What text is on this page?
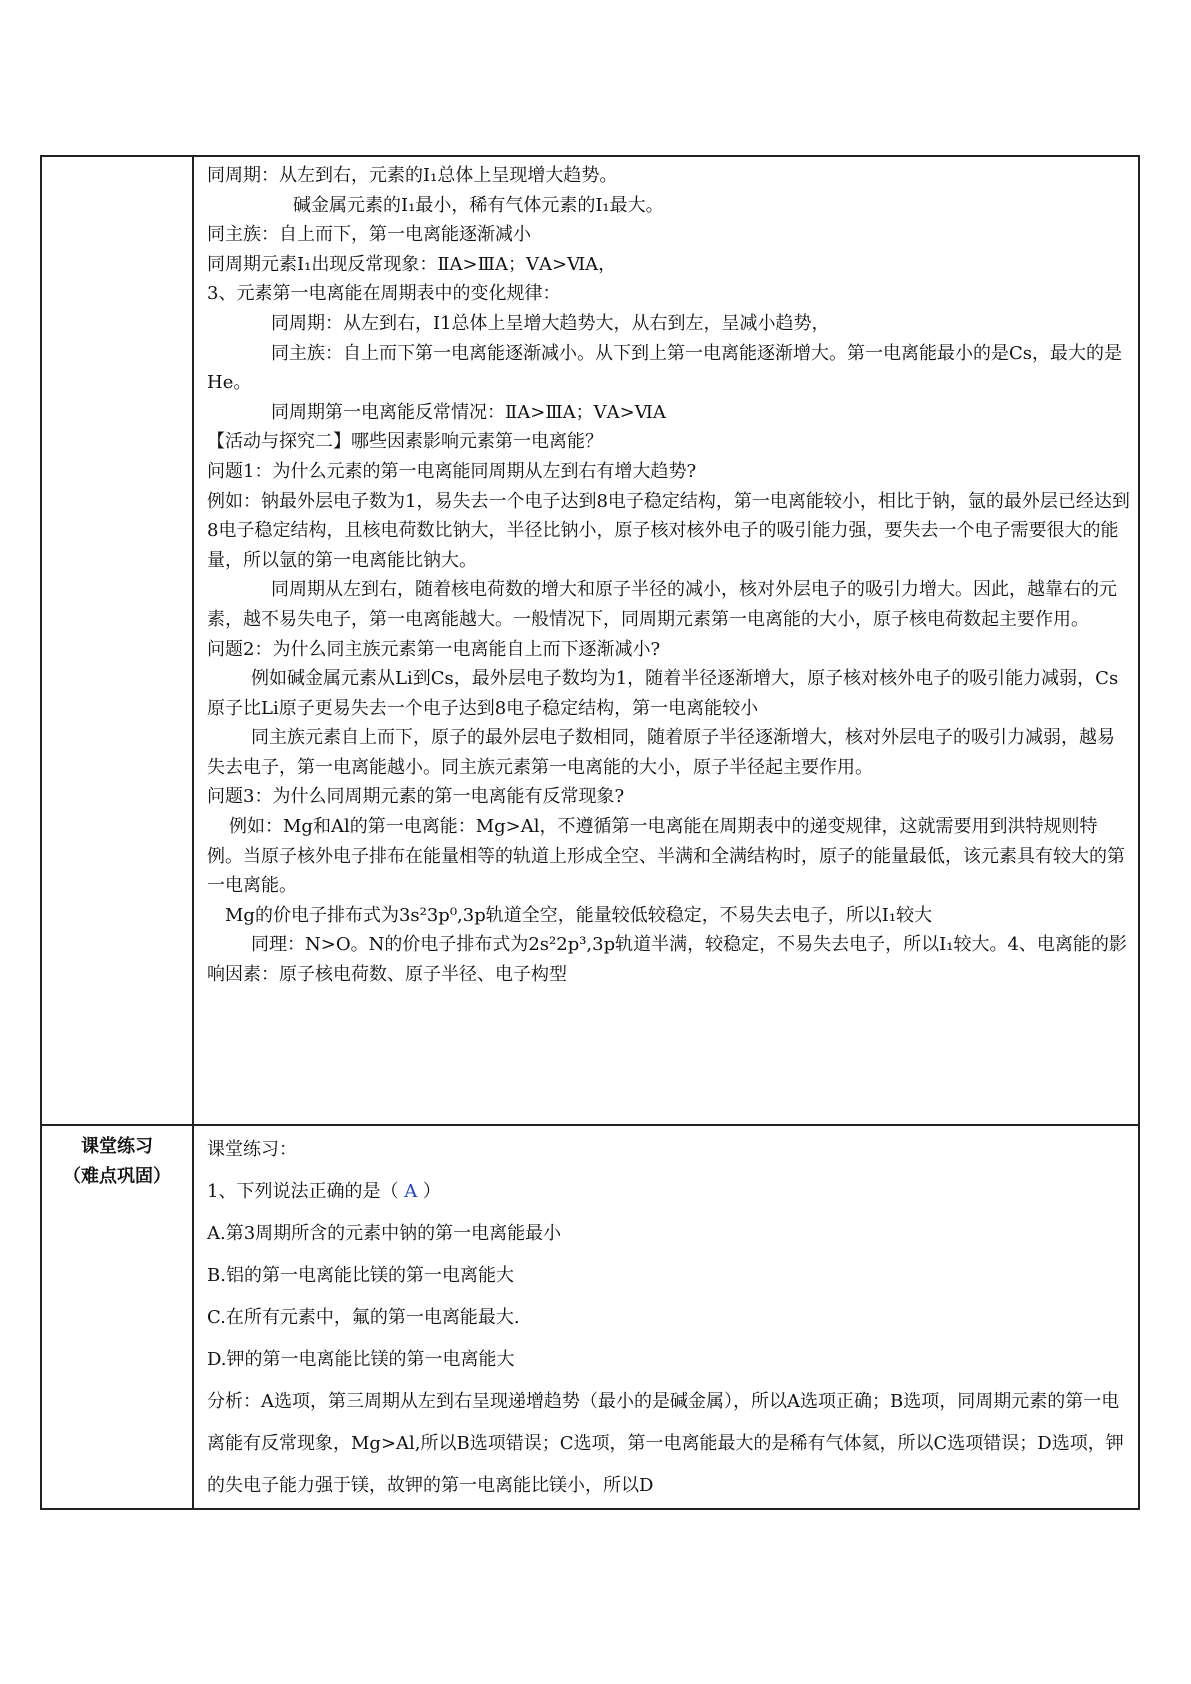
同周期：从左到右，元素的I₁总体上呈现增大趋势。

碱金属元素的I₁最小，稀有气体元素的I₁最大。

同主族：自上而下，第一电离能逐渐减小

同周期元素I₁出现反常现象：ⅡA>ⅢA；ⅤA>ⅥA，

3、元素第一电离能在周期表中的变化规律：

同周期：从左到右，I1总体上呈增大趋势大，从右到左，呈减小趋势，

同主族：自上而下第一电离能逐渐减小。从下到上第一电离能逐渐增大。第一电离能最小的是Cs，最大的是He。

同周期第一电离能反常情况：ⅡA>ⅢA；ⅤA>ⅥA

【活动与探究二】哪些因素影响元素第一电离能？

问题1：为什么元素的第一电离能同周期从左到右有增大趋势?

例如：钠最外层电子数为1，易失去一个电子达到8电子稳定结构，第一电离能较小，相比于钠，氩的最外层已经达到8电子稳定结构，且核电荷数比钠大，半径比钠小，原子核对核外电子的吸引能力强，要失去一个电子需要很大的能量，所以氩的第一电离能比钠大。

同周期从左到右，随着核电荷数的增大和原子半径的减小，核对外层电子的吸引力增大。因此，越靠右的元素，越不易失电子，第一电离能越大。一般情况下，同周期元素第一电离能的大小，原子核电荷数起主要作用。

问题2：为什么同主族元素第一电离能自上而下逐渐减小?

例如碱金属元素从Li到Cs，最外层电子数均为1，随着半径逐渐增大，原子核对核外电子的吸引能力减弱，Cs原子比Li原子更易失去一个电子达到8电子稳定结构，第一电离能较小

同主族元素自上而下，原子的最外层电子数相同，随着原子半径逐渐增大，核对外层电子的吸引力减弱，越易失去电子，第一电离能越小。同主族元素第一电离能的大小，原子半径起主要作用。

问题3：为什么同周期元素的第一电离能有反常现象?

例如：Mg和Al的第一电离能：Mg>Al，不遵循第一电离能在周期表中的递变规律，这就需要用到洪特规则特例。当原子核外电子排布在能量相等的轨道上形成全空、半满和全满结构时，原子的能量最低，该元素具有较大的第一电离能。

Mg的价电子排布式为3s²3p⁰,3p轨道全空，能量较低较稳定，不易失去电子，所以I₁较大

同理：N>O。N的价电子排布式为2s²2p³,3p轨道半满，较稳定，不易失去电子，所以I₁较大。4、电离能的影响因素：原子核电荷数、原子半径、电子构型

课堂练习
（难点巩固）

课堂练习：

1、下列说法正确的是（ A ）

A.第3周期所含的元素中钠的第一电离能最小

B.铝的第一电离能比镁的第一电离能大

C.在所有元素中，氟的第一电离能最大.

D.钾的第一电离能比镁的第一电离能大

分析：A选项，第三周期从左到右呈现递增趋势（最小的是碱金属），所以A选项正确；B选项，同周期元素的第一电离能有反常现象，Mg>Al,所以B选项错误；C选项，第一电离能最大的是稀有气体氦，所以C选项错误；D选项，钾的失电子能力强于镁，故钾的第一电离能比镁小，所以D
